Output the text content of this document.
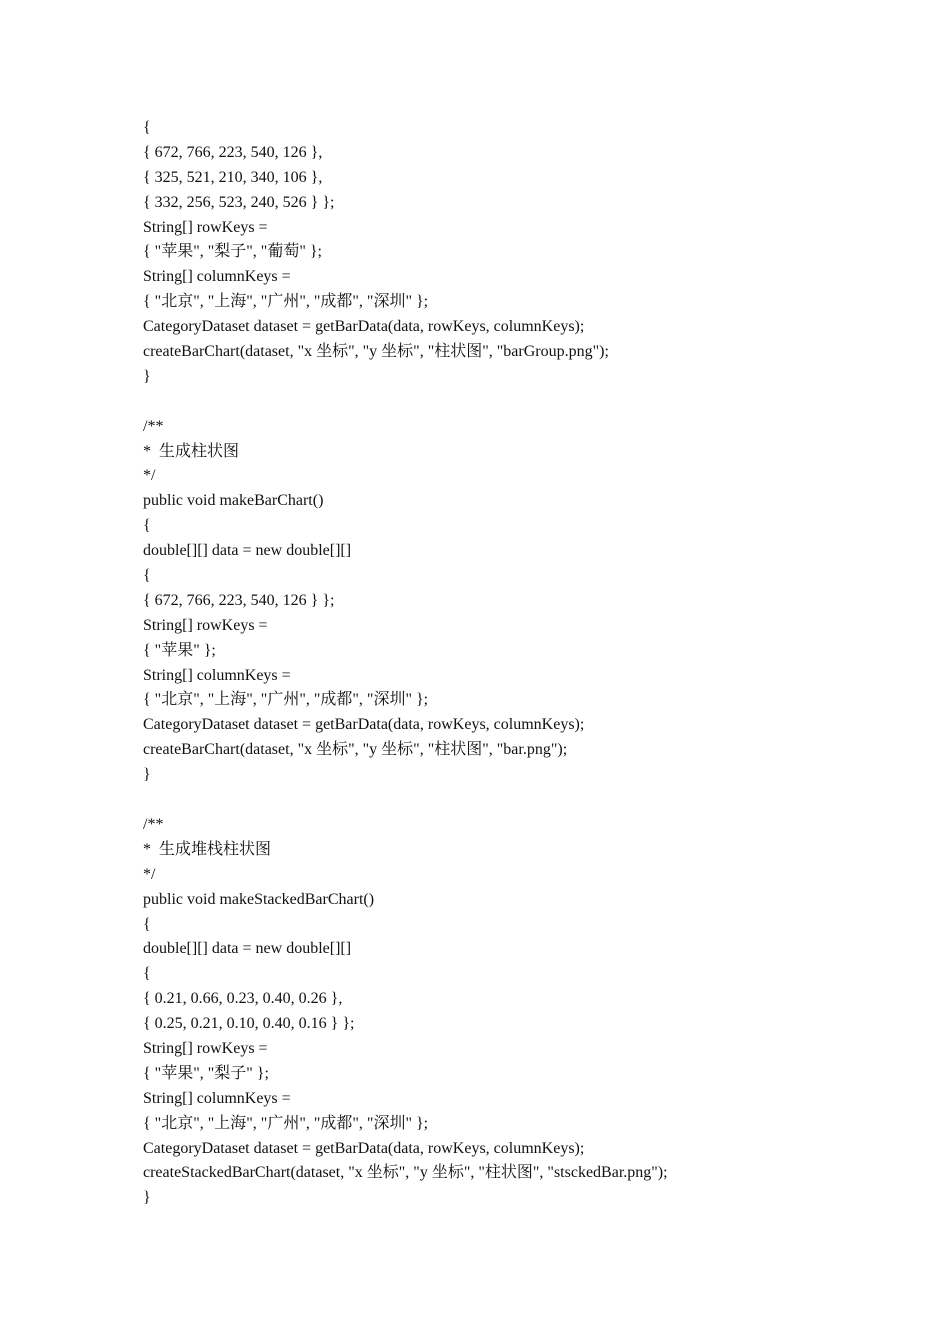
{
{ 672, 766, 223, 540, 126 },
{ 325, 521, 210, 340, 106 },
{ 332, 256, 523, 240, 526 } };
String[] rowKeys =
{ "苹果", "梨子", "葡萄" };
String[] columnKeys =
{ "北京", "上海", "广州", "成都", "深圳" };
CategoryDataset dataset = getBarData(data, rowKeys, columnKeys);
createBarChart(dataset, "x 坐标", "y 坐标", "柱状图", "barGroup.png");
}
/**
*  生成柱状图
*/
public void makeBarChart()
{
double[][] data = new double[][]
{
{ 672, 766, 223, 540, 126 } };
String[] rowKeys =
{ "苹果" };
String[] columnKeys =
{ "北京", "上海", "广州", "成都", "深圳" };
CategoryDataset dataset = getBarData(data, rowKeys, columnKeys);
createBarChart(dataset, "x 坐标", "y 坐标", "柱状图", "bar.png");
}
/**
*  生成堆栈柱状图
*/
public void makeStackedBarChart()
{
double[][] data = new double[][]
{
{ 0.21, 0.66, 0.23, 0.40, 0.26 },
{ 0.25, 0.21, 0.10, 0.40, 0.16 } };
String[] rowKeys =
{ "苹果", "梨子" };
String[] columnKeys =
{ "北京", "上海", "广州", "成都", "深圳" };
CategoryDataset dataset = getBarData(data, rowKeys, columnKeys);
createStackedBarChart(dataset, "x 坐标", "y 坐标", "柱状图", "stsckedBar.png");
}
